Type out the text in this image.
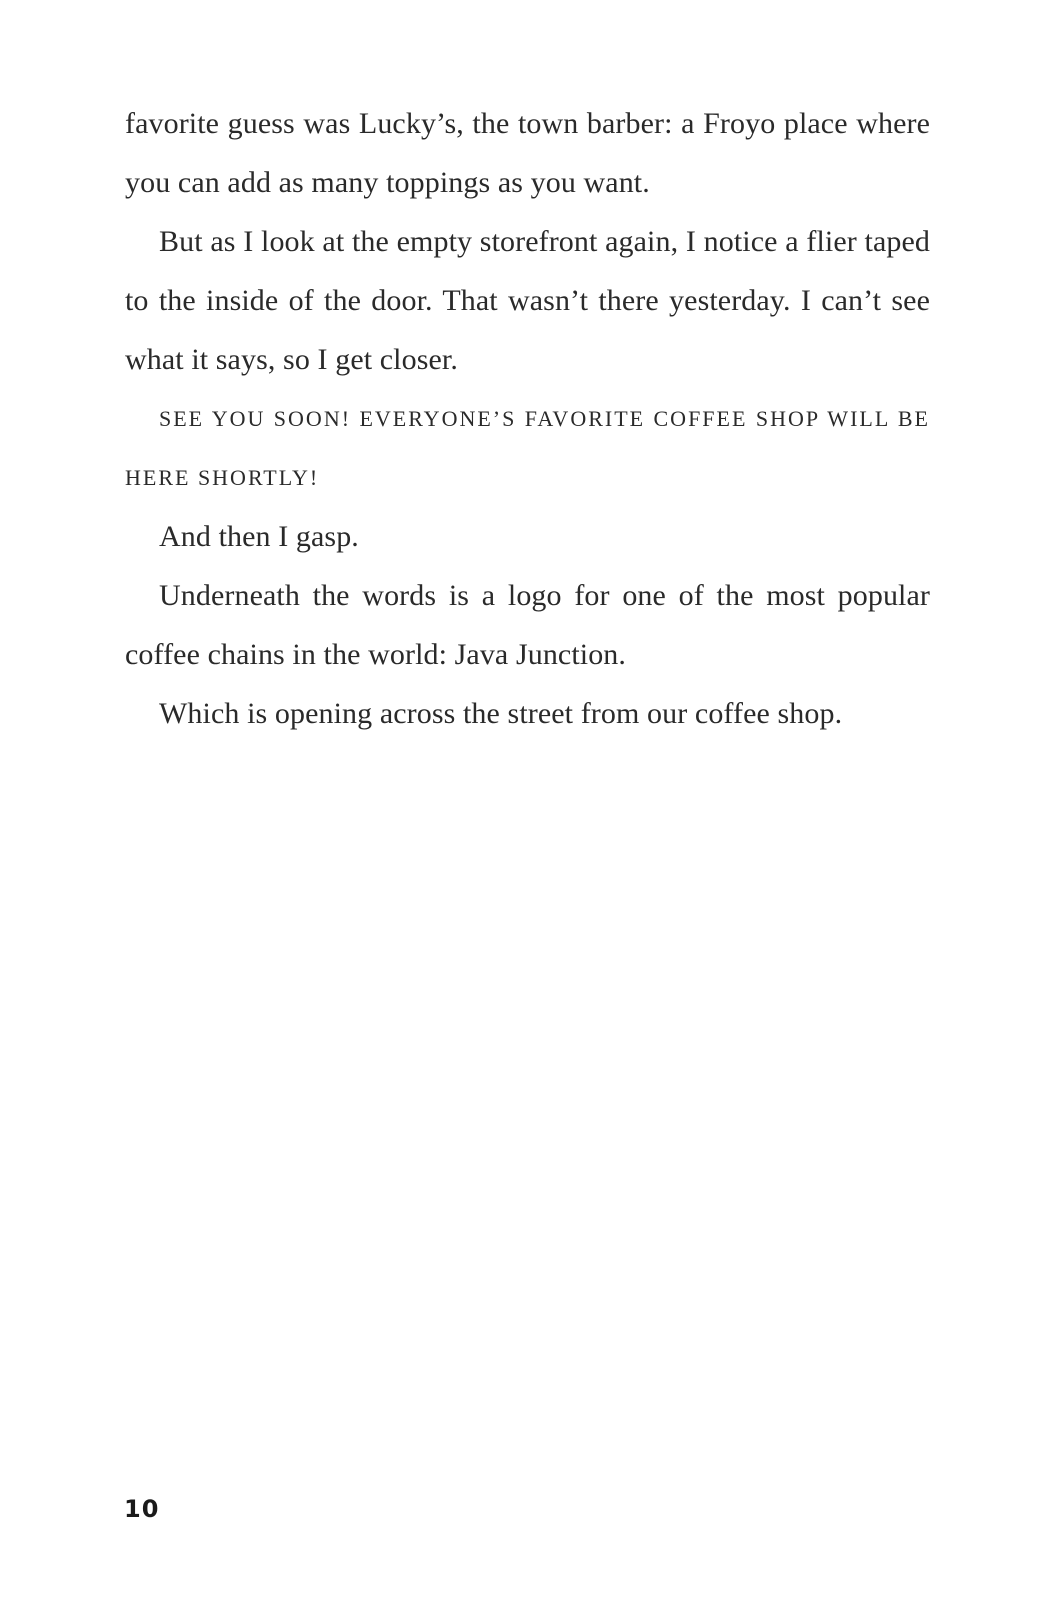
favorite guess was Lucky’s, the town barber: a Froyo place where you can add as many toppings as you want.

But as I look at the empty storefront again, I notice a flier taped to the inside of the door. That wasn’t there yesterday. I can’t see what it says, so I get closer.

SEE YOU SOON! EVERYONE’S FAVORITE COFFEE SHOP WILL BE HERE SHORTLY!

And then I gasp.

Underneath the words is a logo for one of the most popular coffee chains in the world: Java Junction.

Which is opening across the street from our coffee shop.

10
